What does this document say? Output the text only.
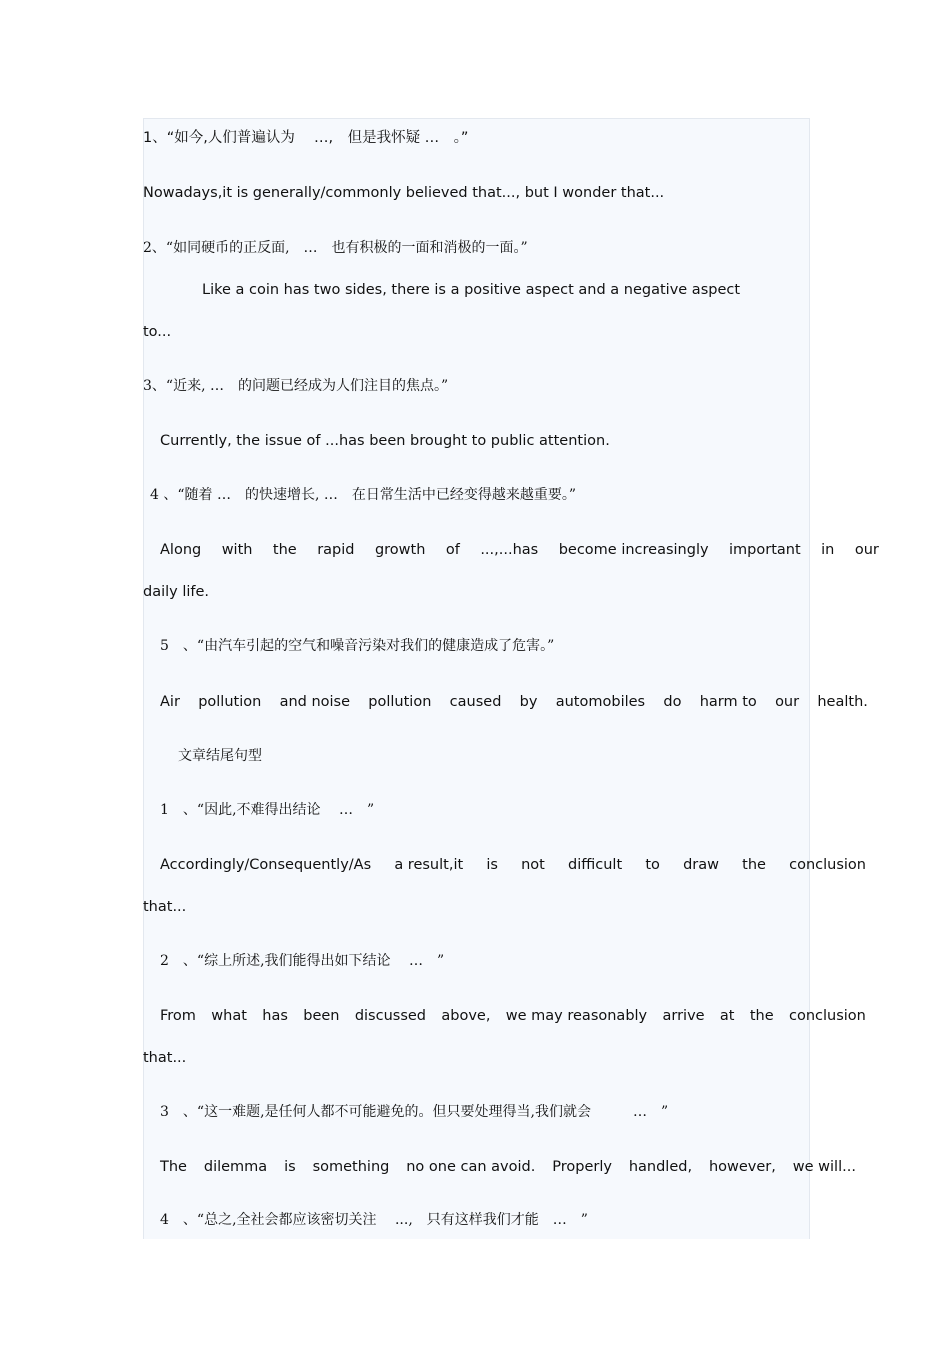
1、“如今,人们普遍认为　 …,　但是我怀疑 …　。”
Nowadays,it is generally/commonly believed that..., but I wonder that...
2、“如同硬币的正反面,　…　也有积极的一面和消极的一面。”
Like a coin has two sides, there is a positive aspect and a negative aspect
to...
3、“近来, …　的问题已经成为人们注目的焦点。”
Currently, the issue of ...has been brought to public attention.
4 、“随着 …　的快速增长, …　在日常生活中已经变得越来越重要。”
Along with the rapid growth of ...,...has become increasingly important in our
daily life.
5　、“由汽车引起的空气和噪音污染对我们的健康造成了危害。”
Air pollution and noise pollution caused by automobiles do harm to our health.
文章结尾句型
1　、“因此,不难得出结论　 …　”
Accordingly/Consequently/As a result,it is not difficult to draw the conclusion
that...
2　、“综上所述,我们能得出如下结论　 …　”
From what has been discussed above, we may reasonably arrive at the conclusion
that...
3　、“这一难题,是任何人都不可能避免的。但只要处理得当,我们就会　　　…　”
The dilemma is something no one can avoid. Properly handled, however, we will...
4　、“总之,全社会都应该密切关注　 ...,　只有这样我们才能　…　”
